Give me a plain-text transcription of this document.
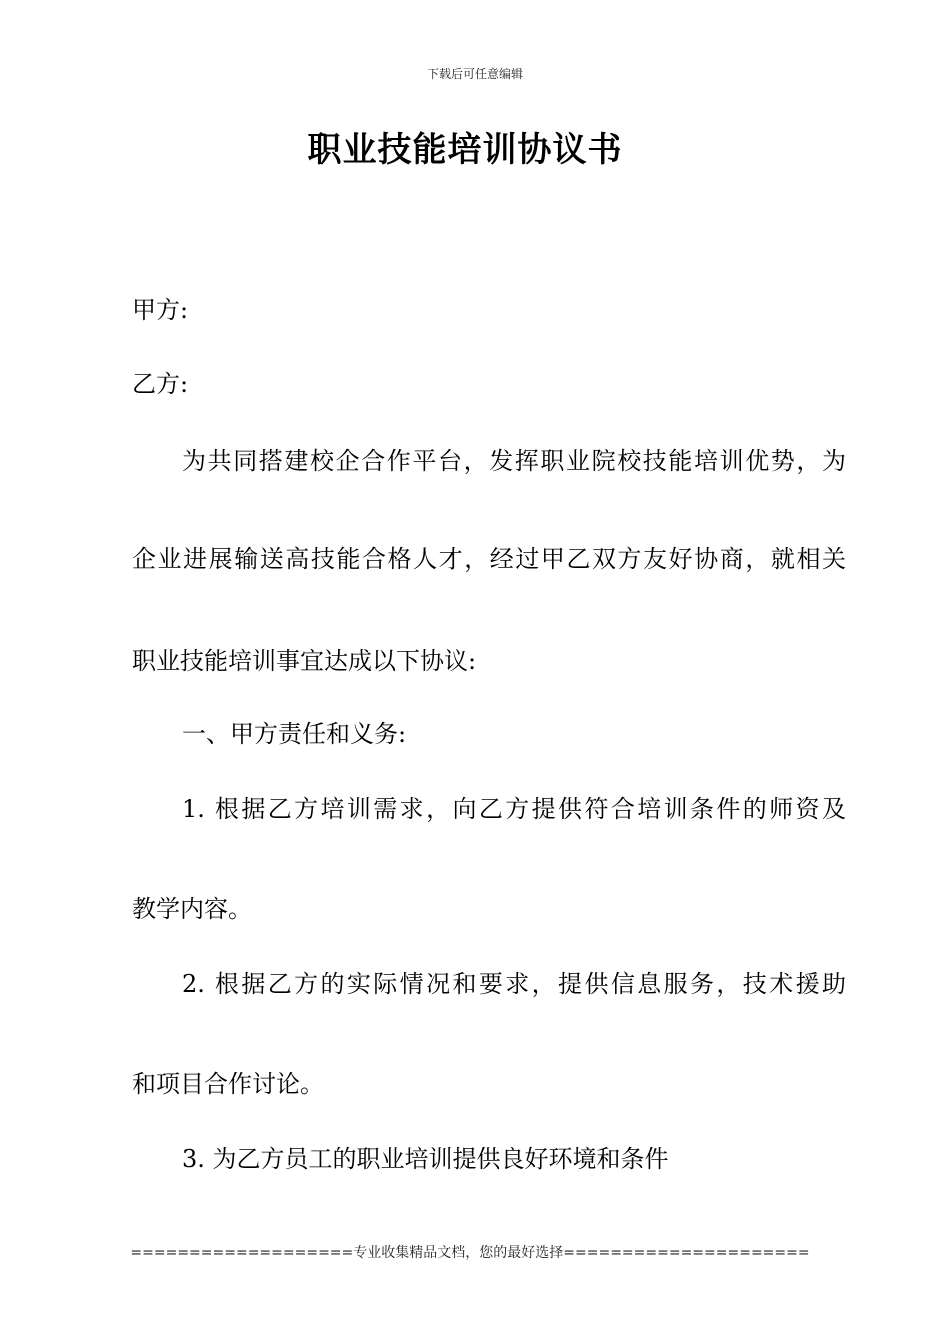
下载后可任意编辑
职业技能培训协议书
甲方:
乙方:
为共同搭建校企合作平台，发挥职业院校技能培训优势，为
企业进展输送高技能合格人才，经过甲乙双方友好协商，就相关
职业技能培训事宜达成以下协议:
一、甲方责任和义务:
1. 根据乙方培训需求，向乙方提供符合培训条件的师资及
教学内容。
2. 根据乙方的实际情况和要求，提供信息服务，技术援助
和项目合作讨论。
3. 为乙方员工的职业培训提供良好环境和条件
===================专业收集精品文档，您的最好选择=====================
